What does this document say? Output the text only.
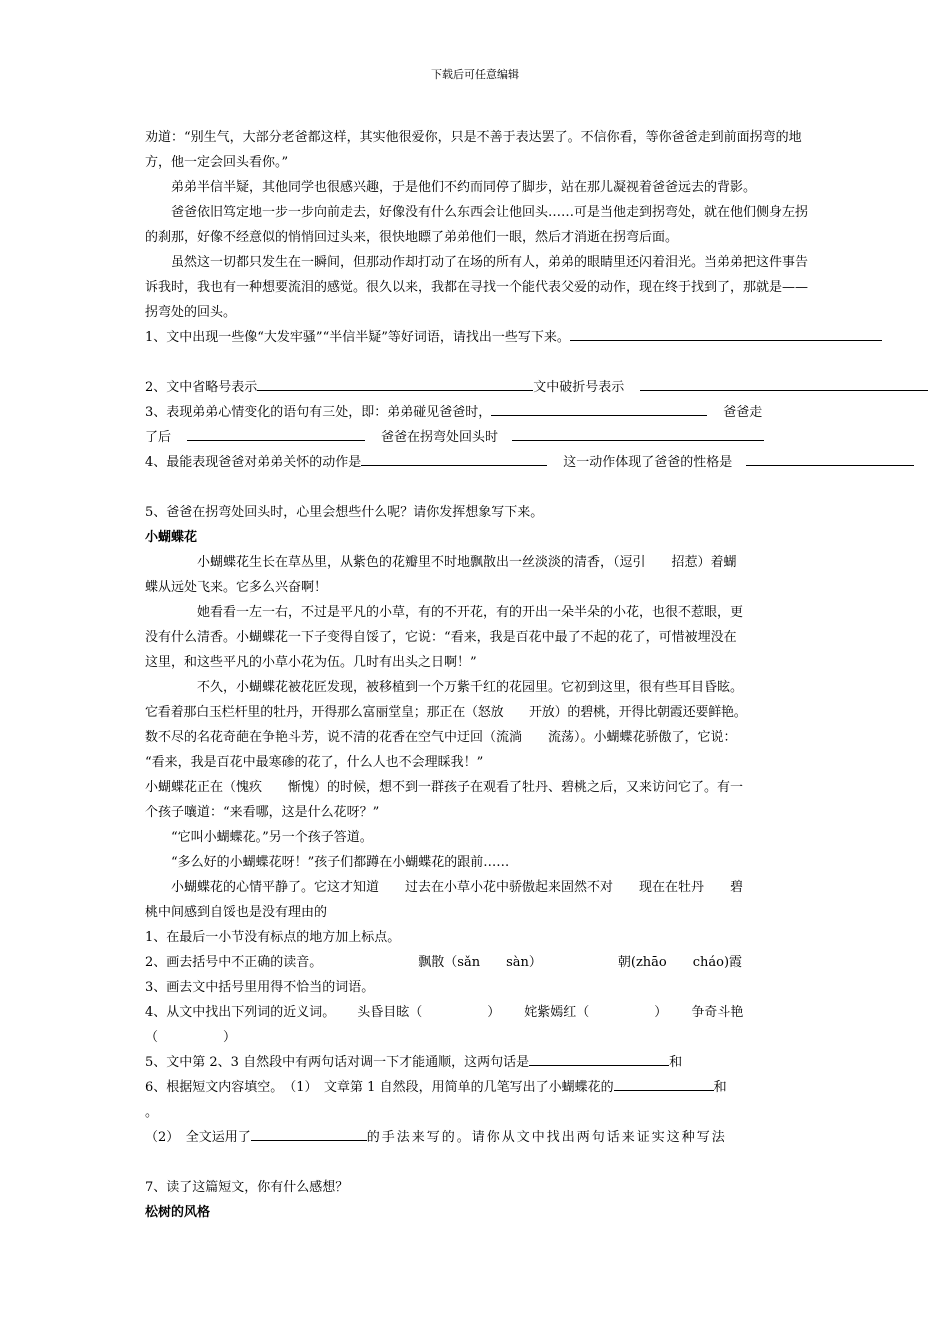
下载后可任意编辑

劝道：“别生气，大部分老爸都这样，其实他很爱你，只是不善于表达罢了。不信你看，等你爸爸走到前面拐弯的地方，他一定会回头看你。”

弟弟半信半疑，其他同学也很感兴趣，于是他们不约而同停了脚步，站在那儿凝视着爸爸远去的背影。

爸爸依旧笃定地一步一步向前走去，好像没有什么东西会让他回头……可是当他走到拐弯处，就在他们侧身左拐的刹那，好像不经意似的悄悄回过头来，很快地瞟了弟弟他们一眼，然后才消逝在拐弯后面。

虽然这一切都只发生在一瞬间，但那动作却打动了在场的所有人，弟弟的眼睛里还闪着泪光。当弟弟把这件事告诉我时，我也有一种想要流泪的感觉。很久以来，我都在寻找一个能代表父爱的动作，现在终于找到了，那就是——拐弯处的回头。

1、文中出现一些像“大发牢骚”“半信半疑”等好词语，请找出一些写下来。

2、文中省略号表示	文中破折号表示

3、表现弟弟心情变化的语句有三处，即：弟弟碰见爸爸时，	爸爸走

了后	爸爸在拐弯处回头时

4、最能表现爸爸对弟弟关怀的动作是	这一动作体现了爸爸的性格是

5、爸爸在拐弯处回头时，心里会想些什么呢？请你发挥想象写下来。

小蝴蝶花

小蝴蝶花生长在草丛里，从紫色的花瓣里不时地飘散出一丝淡淡的清香，（逗引　　招惹）着蝴

蝶从远处飞来。它多么兴奋啊！

她看看一左一右，不过是平凡的小草，有的不开花，有的开出一朵半朵的小花，也很不惹眼，更

没有什么清香。小蝴蝶花一下子变得自馁了，它说：“看来，我是百花中最了不起的花了，可惜被埋没在

这里，和这些平凡的小草小花为伍。几时有出头之日啊！”

不久，小蝴蝶花被花匠发现，被移植到一个万紫千红的花园里。它初到这里，很有些耳目昏眩。

它看着那白玉栏杆里的牡丹，开得那么富丽堂皇；那正在（怒放　　开放）的碧桃，开得比朝霞还要鲜艳。

数不尽的名花奇葩在争艳斗芳，说不清的花香在空气中迂回（流淌　　流荡）。小蝴蝶花骄傲了，它说：

“看来，我是百花中最寒碜的花了，什么人也不会理睬我！”

小蝴蝶花正在（愧疚　　惭愧）的时候，想不到一群孩子在观看了牡丹、碧桃之后，又来访问它了。有一

个孩子嚷道：“来看哪，这是什么花呀？”

“它叫小蝴蝶花。”另一个孩子答道。

“多么好的小蝴蝶花呀！”孩子们都蹲在小蝴蝶花的跟前……

小蝴蝶花的心情平静了。它这才知道　　过去在小草小花中骄傲起来固然不对　　现在在牡丹　　碧

桃中间感到自馁也是没有理由的

1、在最后一小节没有标点的地方加上标点。

2、画去括号中不正确的读音。	飘散（sǎn　　sàn）	朝(zhāo　　cháo)霞

3、画去文中括号里用得不恰当的词语。

4、从文中找出下列词的近义词。 头昏目眩（　　　　　） 姹紫嫣红（　　　　　） 争奇斗艳

（　　　　　）

5、文中第 2、3 自然段中有两句话对调一下才能通顺，这两句话是	和

6、根据短文内容填空。　（1）　文章第 1 自然段，用简单的几笔写出了小蝴蝶花的	和

。

（2）　全文运用了	的手法来写的。请你从文中找出两句话来证实这种写法

7、读了这篇短文，你有什么感想？

松树的风格
